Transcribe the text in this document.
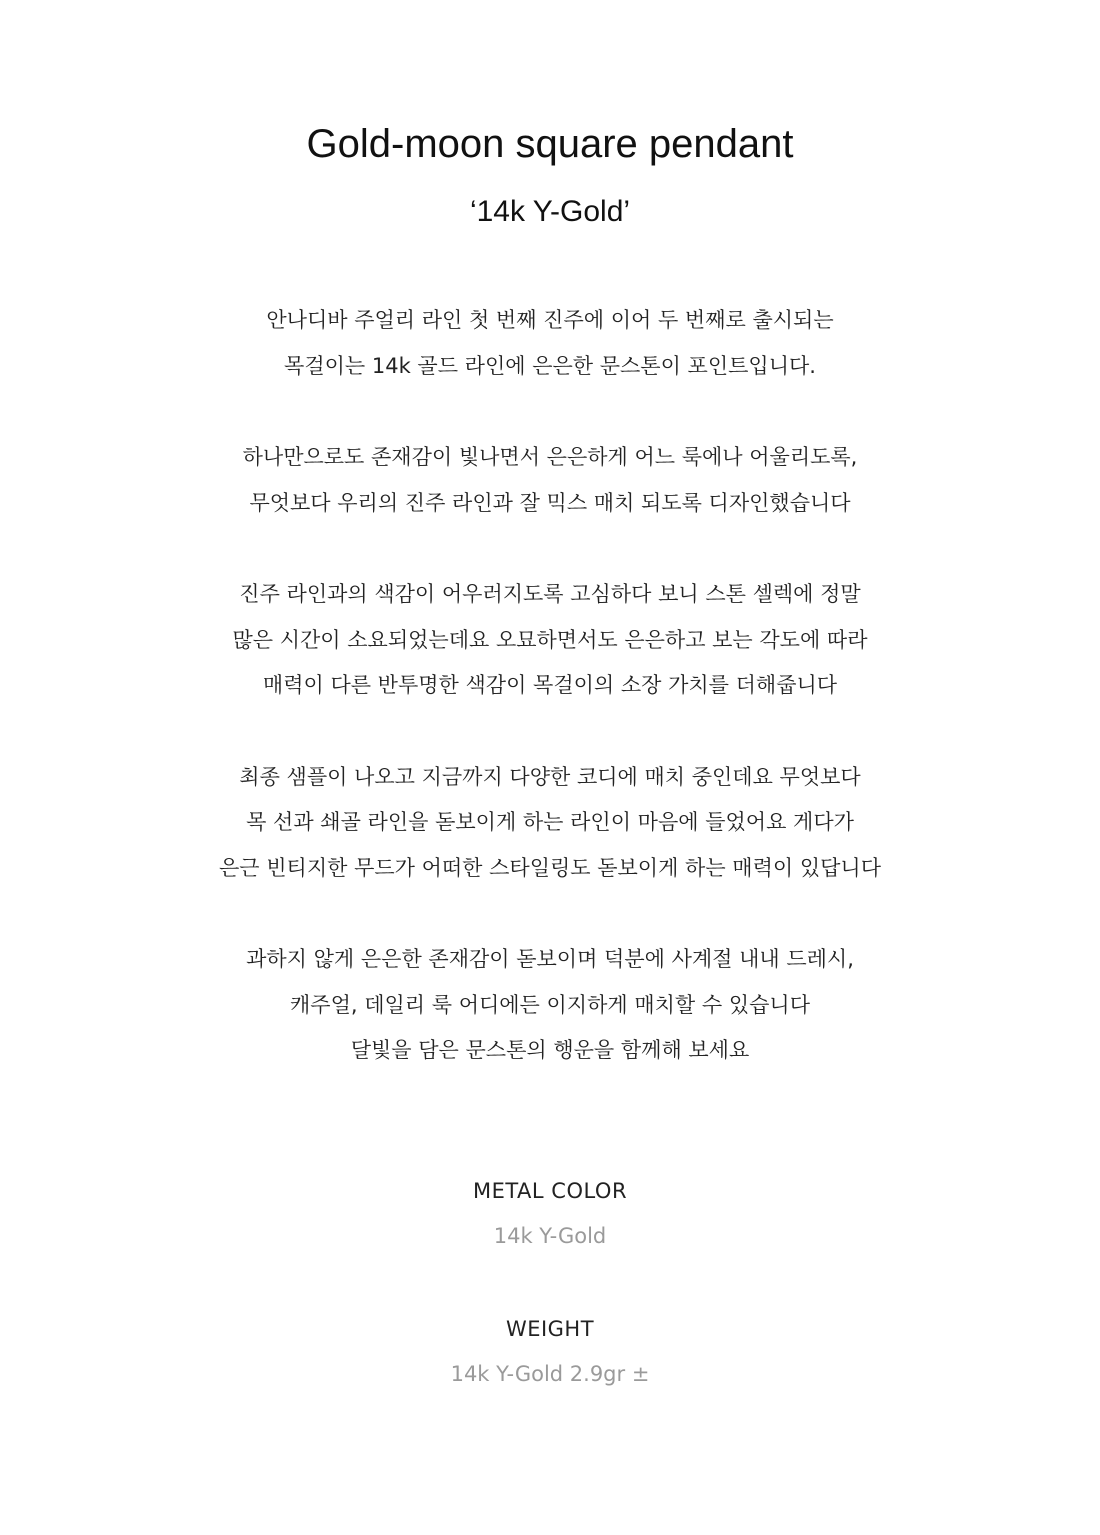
Gold-moon square pendant
‘14k Y-Gold’

안나디바 주얼리 라인 첫 번째 진주에 이어 두 번째로 출시되는
목걸이는 14k 골드 라인에 은은한 문스톤이 포인트입니다.

하나만으로도 존재감이 빛나면서 은은하게 어느 룩에나 어울리도록,
무엇보다 우리의 진주 라인과 잘 믹스 매치 되도록 디자인했습니다

진주 라인과의 색감이 어우러지도록 고심하다 보니 스톤 셀렉에 정말
많은 시간이 소요되었는데요 오묘하면서도 은은하고 보는 각도에 따라
매력이 다른 반투명한 색감이 목걸이의 소장 가치를 더해줍니다

최종 샘플이 나오고 지금까지 다양한 코디에 매치 중인데요 무엇보다
목 선과 쇄골 라인을 돋보이게 하는 라인이 마음에 들었어요 게다가
은근 빈티지한 무드가 어떠한 스타일링도 돋보이게 하는 매력이 있답니다

과하지 않게 은은한 존재감이 돋보이며 덕분에 사계절 내내 드레시,
캐주얼, 데일리 룩 어디에든 이지하게 매치할 수 있습니다
달빛을 담은 문스톤의 행운을 함께해 보세요

METAL COLOR
14k Y-Gold
WEIGHT
14k Y-Gold 2.9gr ±
